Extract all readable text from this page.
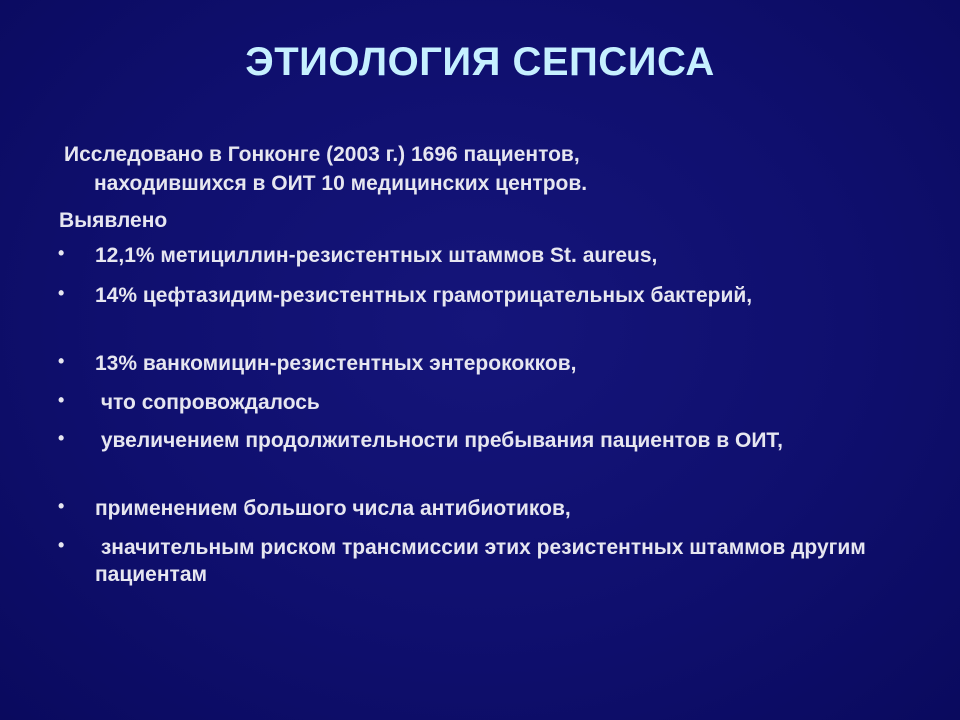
ЭТИОЛОГИЯ СЕПСИСА

Исследовано в Гонконге (2003 г.) 1696 пациентов,
находившихся в ОИТ 10 медицинских центров.

Выявлено

• 12,1% метициллин-резистентных штаммов St. aureus,
• 14% цефтазидим-резистентных грамотрицательных бактерий,
• 13% ванкомицин-резистентных энтерококков,
• что сопровождалось
• увеличением продолжительности пребывания пациентов в ОИТ,
• применением большого числа антибиотиков,
• значительным риском трансмиссии этих резистентных штаммов другим пациентам
